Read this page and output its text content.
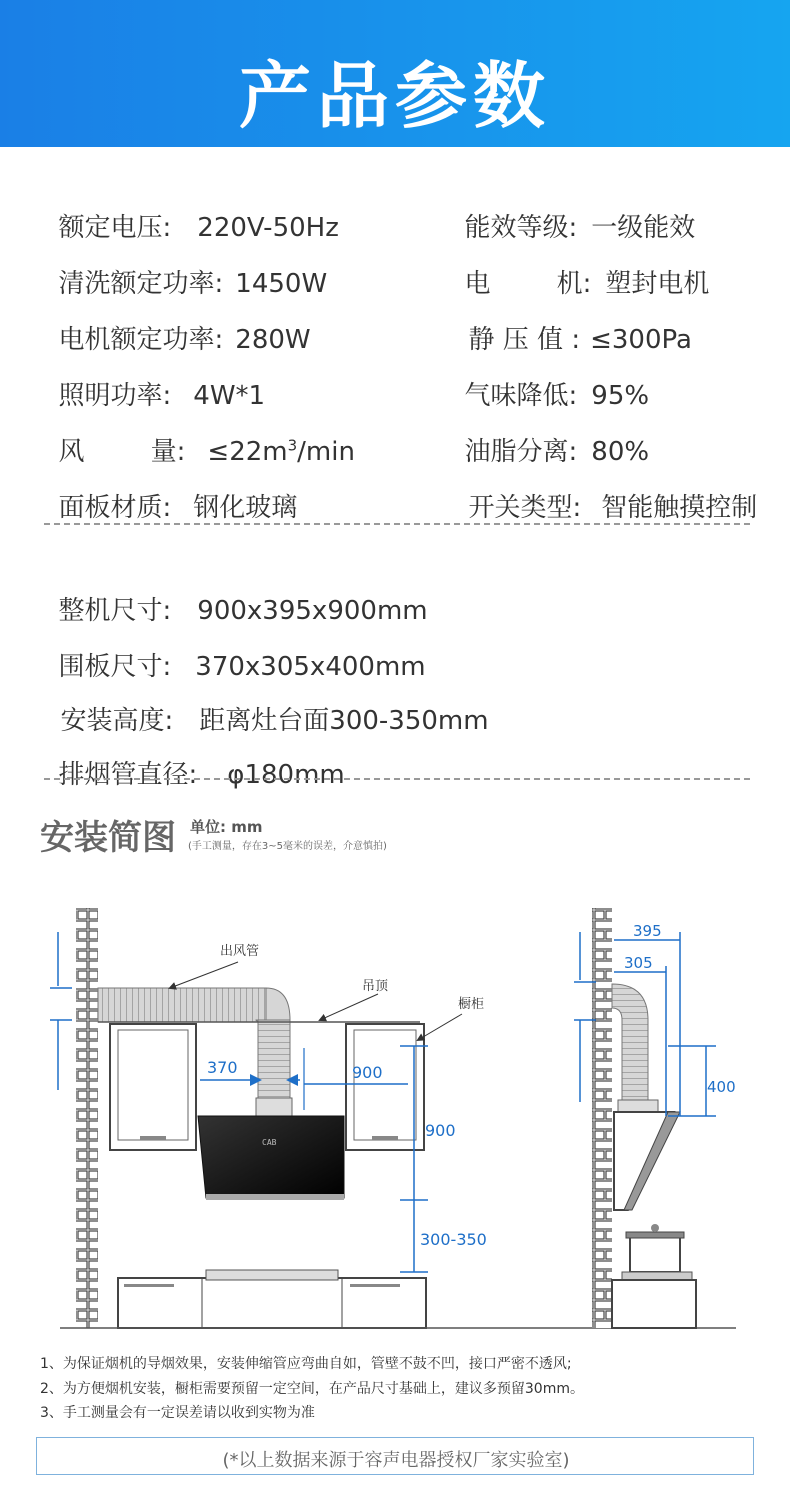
产品参数

额定电压: 220V-50Hz

清洗额定功率: 1450W

电机额定功率: 280W

照明功率: 4W*1

风        量: $\le 22m^3/\min$

面板材质: 钢化玻璃

能效等级: 一级能效

电        机: 塑封电机

静 压 值 : ≤300Pa

气味降低: 95%

油脂分离: 80%

开关类型: 智能触摸控制

整机尺寸: 900x395x900mm

围板尺寸: 370x305x400mm

安装高度: 距离灶台面300-350mm

排烟管直径: φ180mm

安装简图 单位: mm
(手工测量，存在3~5毫米的误差，介意慎拍)
CAB
370	900
900
300-350
出风管
吊顶
橱柜
395
305
400
1、为保证烟机的导烟效果，安装伸缩管应弯曲自如，管壁不鼓不凹，接口严密不透风;
2、为方便烟机安装，橱柜需要预留一定空间，在产品尺寸基础上，建议多预留30mm。
3、手工测量会有一定误差请以收到实物为准
(*以上数据来源于容声电器授权厂家实验室)
